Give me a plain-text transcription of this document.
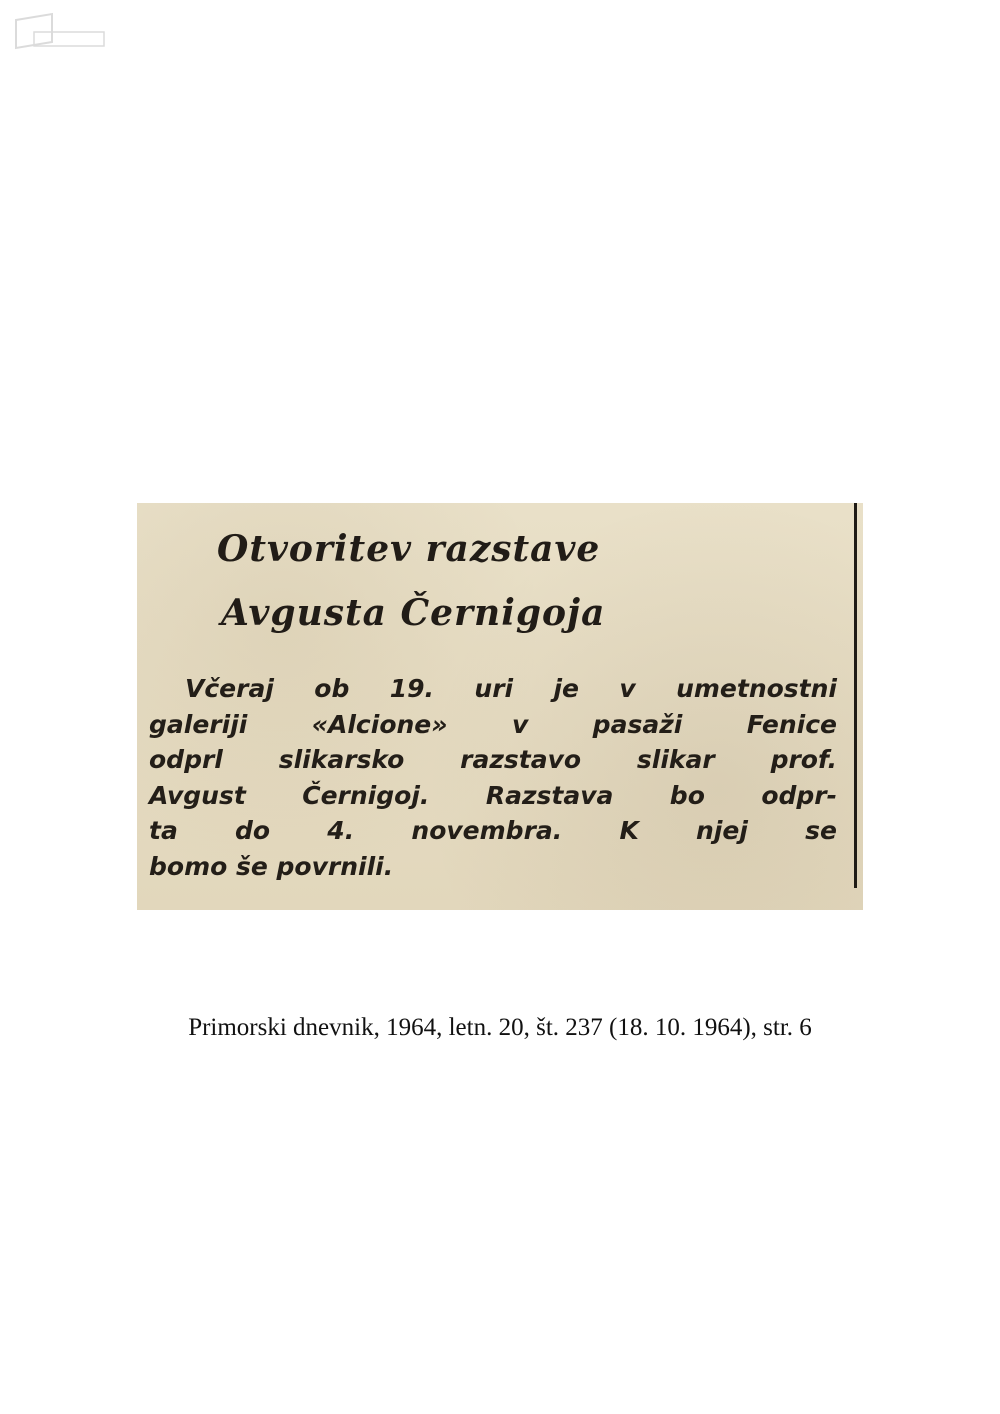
Otvoritev razstave
Avgusta Černigoja
Včeraj ob 19. uri je v umetnostni
galeriji «Alcione» v pasaži Fenice
odprl slikarsko razstavo slikar prof.
Avgust Černigoj. Razstava bo odpr-
ta do 4. novembra. K njej se
bomo še povrnili.
Primorski dnevnik, 1964, letn. 20, št. 237 (18. 10. 1964), str. 6
